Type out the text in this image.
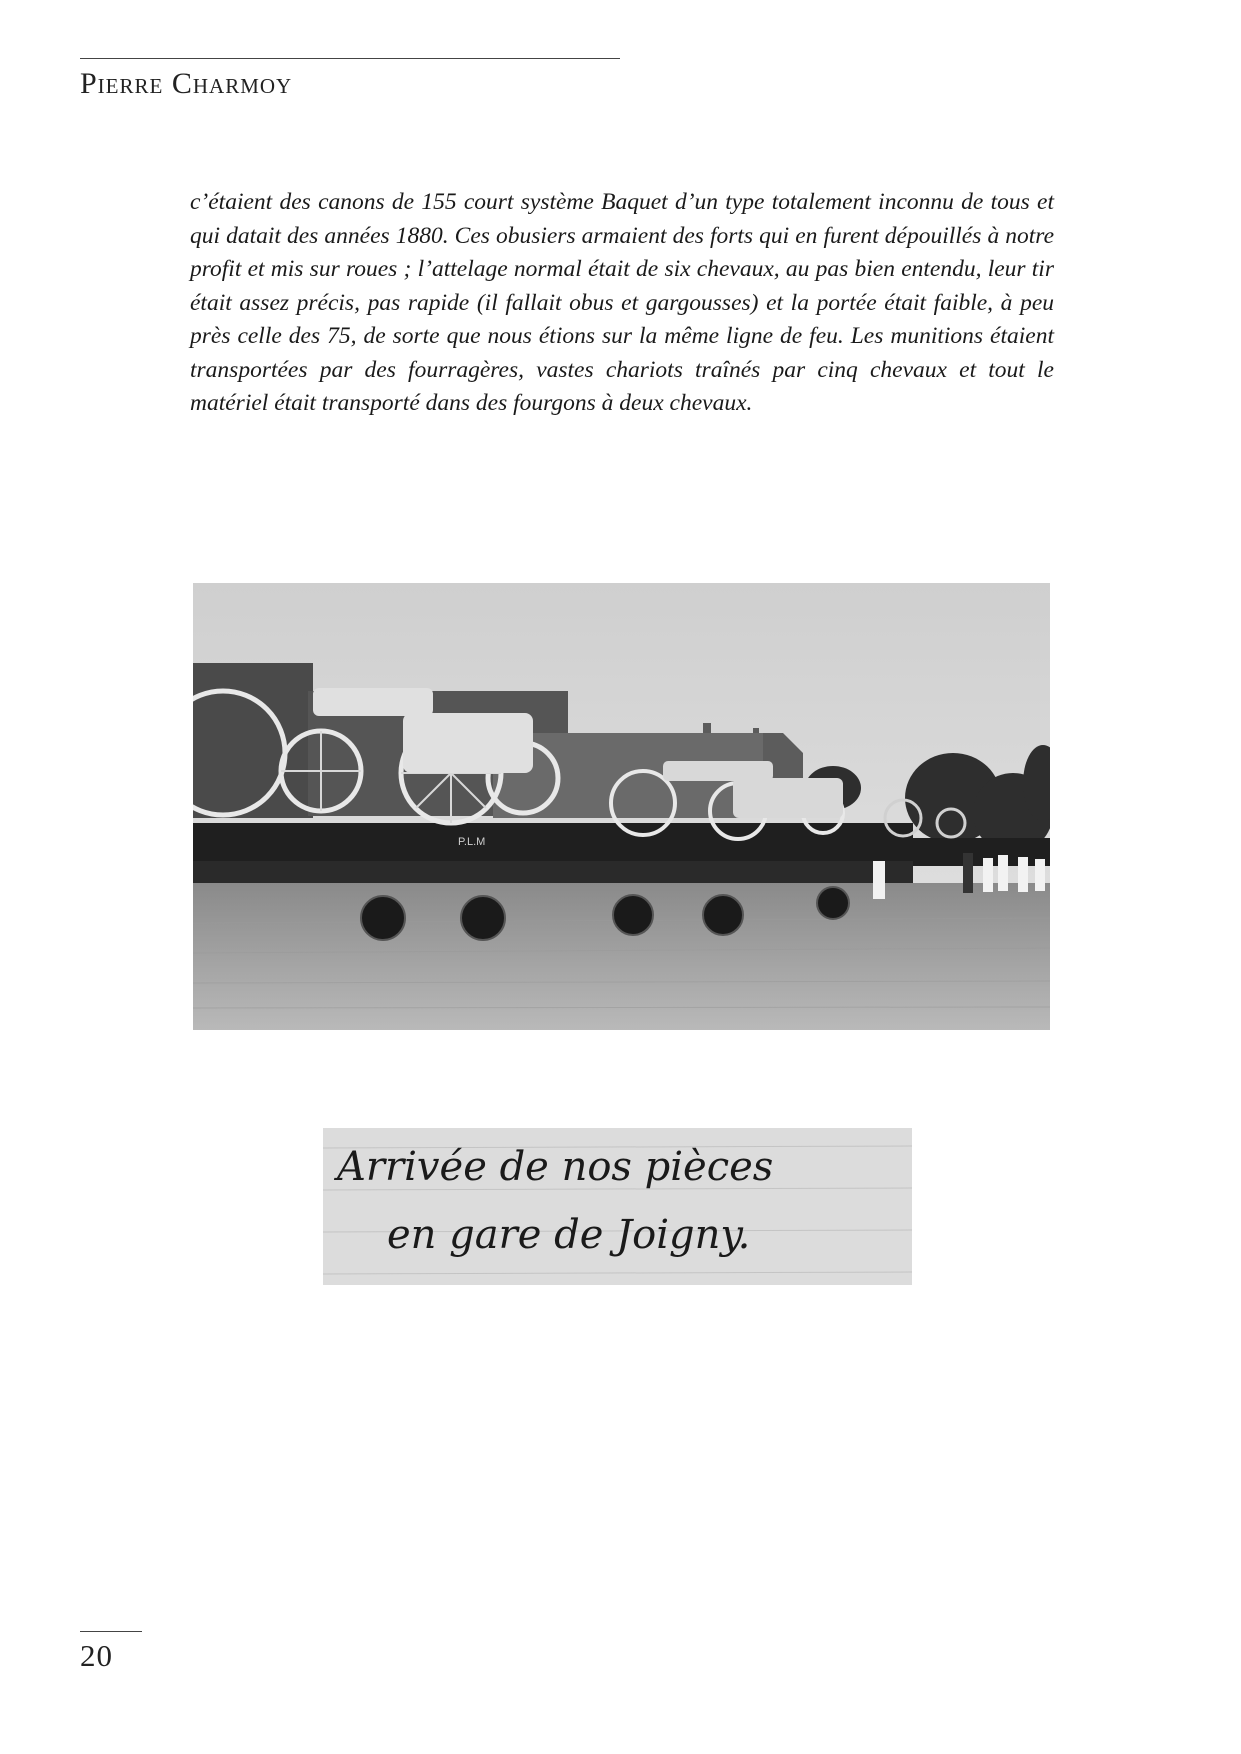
Pierre Charmoy

c’étaient des canons de 155 court système Baquet d’un type totalement inconnu de tous et qui datait des années 1880. Ces obusiers armaient des forts qui en furent dépouillés à notre profit et mis sur roues ; l’attelage normal était de six chevaux, au pas bien entendu, leur tir était assez précis, pas rapide (il fallait obus et gargousses) et la portée était faible, à peu près celle des 75, de sorte que nous étions sur la même ligne de feu. Les munitions étaient transportées par des fourragères, vastes chariots traînés par cinq chevaux et tout le matériel était transporté dans des fourgons à deux chevaux.

P.L.M
Arrivée de nos pièces
en gare de Joigny.
20
